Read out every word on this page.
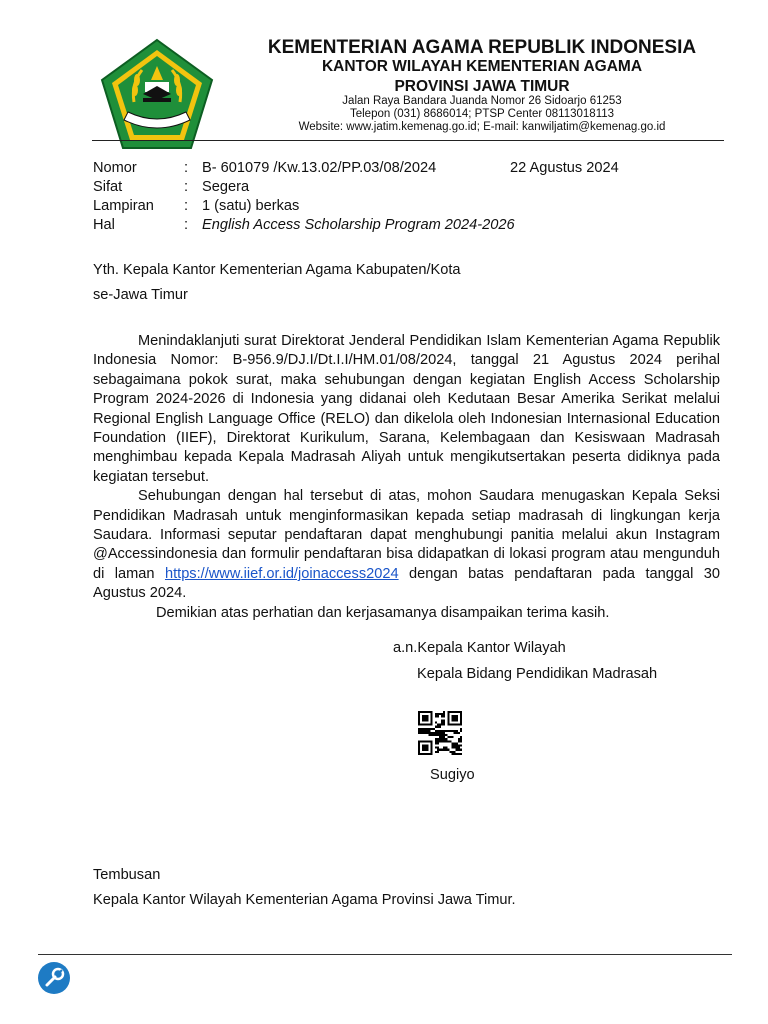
KEMENTERIAN AGAMA REPUBLIK INDONESIA
KANTOR WILAYAH KEMENTERIAN AGAMA
PROVINSI JAWA TIMUR
Jalan Raya Bandara Juanda Nomor 26 Sidoarjo 61253
Telepon (031) 8686014; PTSP Center 08113018113
Website: www.jatim.kemenag.go.id; E-mail: kanwiljatim@kemenag.go.id
Nomor	: B- 601079 /Kw.13.02/PP.03/08/2024	22 Agustus 2024
Sifat	: Segera
Lampiran : 1 (satu) berkas
Hal	: English Access Scholarship Program 2024-2026
Yth. Kepala Kantor Kementerian Agama Kabupaten/Kota
se-Jawa Timur

Menindaklanjuti surat Direktorat Jenderal Pendidikan Islam Kementerian Agama Republik Indonesia Nomor: B-956.9/DJ.I/Dt.I.I/HM.01/08/2024, tanggal 21 Agustus 2024 perihal sebagaimana pokok surat, maka sehubungan dengan kegiatan English Access Scholarship Program 2024-2026 di Indonesia yang didanai oleh Kedutaan Besar Amerika Serikat melalui Regional English Language Office (RELO) dan dikelola oleh Indonesian Internasional Education Foundation (IIEF), Direktorat Kurikulum, Sarana, Kelembagaan dan Kesiswaan Madrasah menghimbau kepada Kepala Madrasah Aliyah untuk mengikutsertakan peserta didiknya pada kegiatan tersebut.

Sehubungan dengan hal tersebut di atas, mohon Saudara menugaskan Kepala Seksi Pendidikan Madrasah untuk menginformasikan kepada setiap madrasah di lingkungan kerja Saudara. Informasi seputar pendaftaran dapat menghubungi panitia melalui akun Instagram @Accessindonesia dan formulir pendaftaran bisa didapatkan di lokasi program atau mengunduh di laman https://www.iief.or.id/joinaccess2024 dengan batas pendaftaran pada tanggal 30 Agustus 2024.

Demikian atas perhatian dan kerjasamanya disampaikan terima kasih.

a.n.Kepala Kantor Wilayah
Kepala Bidang Pendidikan Madrasah
Sugiyo
Tembusan
Kepala Kantor Wilayah Kementerian Agama Provinsi Jawa Timur.
